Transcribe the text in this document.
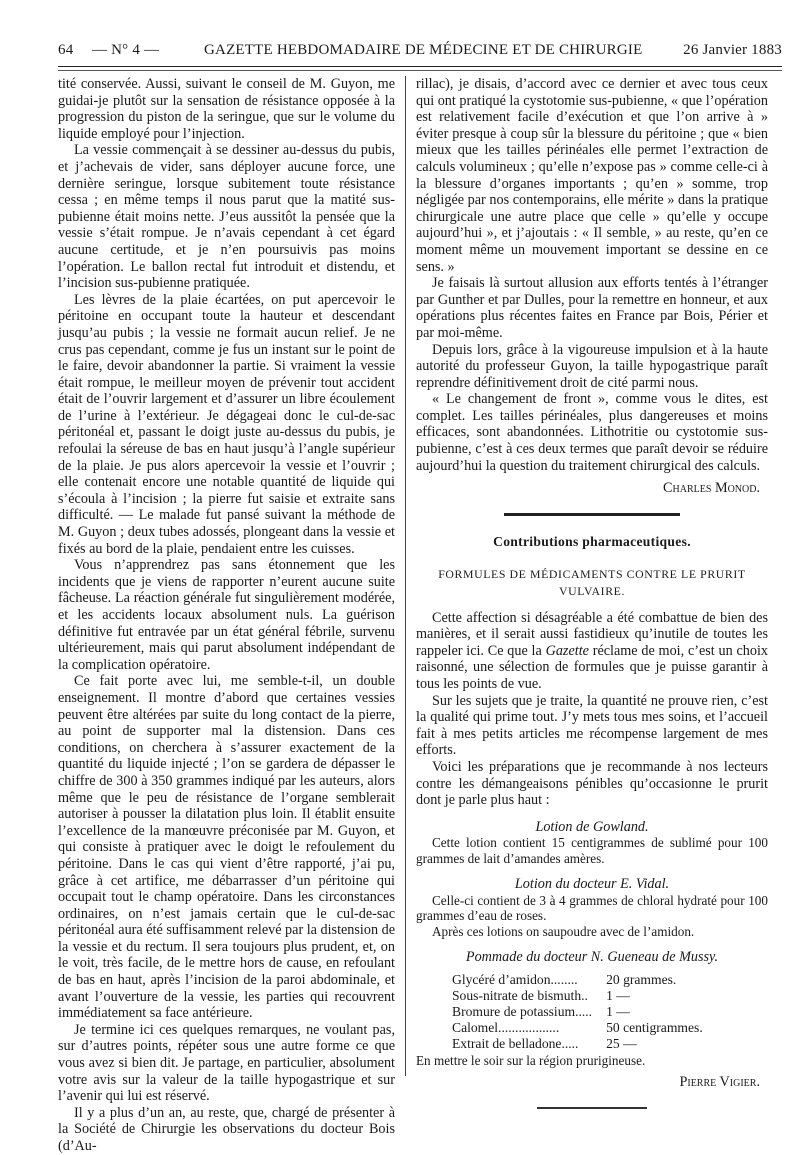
64 — N° 4 —	GAZETTE HEBDOMADAIRE DE MÉDECINE ET DE CHIRURGIE	26 Janvier 1883

tité conservée. Aussi, suivant le conseil de M. Guyon, me guidai-je plutôt sur la sensation de résistance opposée à la progression du piston de la seringue, que sur le volume du liquide employé pour l’injection.

La vessie commençait à se dessiner au-dessus du pubis, et j’achevais de vider, sans déployer aucune force, une dernière seringue, lorsque subitement toute résistance cessa ; en même temps il nous parut que la matité sus-pubienne était moins nette. J’eus aussitôt la pensée que la vessie s’était rompue. Je n’avais cependant à cet égard aucune certitude, et je n’en poursuivis pas moins l’opération. Le ballon rectal fut introduit et distendu, et l’incision sus-pubienne pratiquée.

Les lèvres de la plaie écartées, on put apercevoir le péritoine en occupant toute la hauteur et descendant jusqu’au pubis ; la vessie ne formait aucun relief. Je ne crus pas cependant, comme je fus un instant sur le point de le faire, devoir abandonner la partie. Si vraiment la vessie était rompue, le meilleur moyen de prévenir tout accident était de l’ouvrir largement et d’assurer un libre écoulement de l’urine à l’extérieur. Je dégageai donc le cul-de-sac péritonéal et, passant le doigt juste au-dessus du pubis, je refoulai la séreuse de bas en haut jusqu’à l’angle supérieur de la plaie. Je pus alors apercevoir la vessie et l’ouvrir ; elle contenait encore une notable quantité de liquide qui s’écoula à l’incision ; la pierre fut saisie et extraite sans difficulté. — Le malade fut pansé suivant la méthode de M. Guyon ; deux tubes adossés, plongeant dans la vessie et fixés au bord de la plaie, pendaient entre les cuisses.

Vous n’apprendrez pas sans étonnement que les incidents que je viens de rapporter n’eurent aucune suite fâcheuse. La réaction générale fut singulièrement modérée, et les accidents locaux absolument nuls. La guérison définitive fut entravée par un état général fébrile, survenu ultérieurement, mais qui parut absolument indépendant de la complication opératoire.

Ce fait porte avec lui, me semble-t-il, un double enseignement. Il montre d’abord que certaines vessies peuvent être altérées par suite du long contact de la pierre, au point de supporter mal la distension. Dans ces conditions, on cherchera à s’assurer exactement de la quantité du liquide injecté ; l’on se gardera de dépasser le chiffre de 300 à 350 grammes indiqué par les auteurs, alors même que le peu de résistance de l’organe semblerait autoriser à pousser la dilatation plus loin. Il établit ensuite l’excellence de la manœuvre préconisée par M. Guyon, et qui consiste à pratiquer avec le doigt le refoulement du péritoine. Dans le cas qui vient d’être rapporté, j’ai pu, grâce à cet artifice, me débarrasser d’un péritoine qui occupait tout le champ opératoire. Dans les circonstances ordinaires, on n’est jamais certain que le cul-de-sac péritonéal aura été suffisamment relevé par la distension de la vessie et du rectum. Il sera toujours plus prudent, et, on le voit, très facile, de le mettre hors de cause, en refoulant de bas en haut, après l’incision de la paroi abdominale, et avant l’ouverture de la vessie, les parties qui recouvrent immédiatement sa face antérieure.

Je termine ici ces quelques remarques, ne voulant pas, sur d’autres points, répéter sous une autre forme ce que vous avez si bien dit. Je partage, en particulier, absolument votre avis sur la valeur de la taille hypogastrique et sur l’avenir qui lui est réservé.

Il y a plus d’un an, au reste, que, chargé de présenter à la Société de Chirurgie les observations du docteur Bois (d’Au-

rillac), je disais, d’accord avec ce dernier et avec tous ceux qui ont pratiqué la cystotomie sus-pubienne, « que l’opération est relativement facile d’exécution et que l’on arrive à » éviter presque à coup sûr la blessure du péritoine ; que « bien mieux que les tailles périnéales elle permet l’extraction de calculs volumineux ; qu’elle n’expose pas » comme celle-ci à la blessure d’organes importants ; qu’en » somme, trop négligée par nos contemporains, elle mérite » dans la pratique chirurgicale une autre place que celle » qu’elle y occupe aujourd’hui », et j’ajoutais : « Il semble, » au reste, qu’en ce moment même un mouvement important se dessine en ce sens. »

Je faisais là surtout allusion aux efforts tentés à l’étranger par Gunther et par Dulles, pour la remettre en honneur, et aux opérations plus récentes faites en France par Bois, Périer et par moi-même.

Depuis lors, grâce à la vigoureuse impulsion et à la haute autorité du professeur Guyon, la taille hypogastrique paraît reprendre définitivement droit de cité parmi nous.

« Le changement de front », comme vous le dites, est complet. Les tailles périnéales, plus dangereuses et moins efficaces, sont abandonnées. Lithotritie ou cystotomie sus-pubienne, c’est à ces deux termes que paraît devoir se réduire aujourd’hui la question du traitement chirurgical des calculs.

Charles Monod.
Contributions pharmaceutiques.
FORMULES DE MÉDICAMENTS CONTRE LE PRURIT VULVAIRE.

Cette affection si désagréable a été combattue de bien des manières, et il serait aussi fastidieux qu’inutile de toutes les rappeler ici. Ce que la Gazette réclame de moi, c’est un choix raisonné, une sélection de formules que je puisse garantir à tous les points de vue.

Sur les sujets que je traite, la quantité ne prouve rien, c’est la qualité qui prime tout. J’y mets tous mes soins, et l’accueil fait à mes petits articles me récompense largement de mes efforts.

Voici les préparations que je recommande à nos lecteurs contre les démangeaisons pénibles qu’occasionne le prurit dont je parle plus haut :

Lotion de Gowland.

Cette lotion contient 15 centigrammes de sublimé pour 100 grammes de lait d’amandes amères.

Lotion du docteur E. Vidal.

Celle-ci contient de 3 à 4 grammes de chloral hydraté pour 100 grammes d’eau de roses.

Après ces lotions on saupoudre avec de l’amidon.

Pommade du docteur N. Gueneau de Mussy.
Glycéré d’amidon........	20 grammes.
Sous-nitrate de bismuth..	1 —
Bromure de potassium.....	1 —
Calomel..................	50 centigrammes.
Extrait de belladone.....	25 —

En mettre le soir sur la région prurigineuse.

Pierre Vigier.
